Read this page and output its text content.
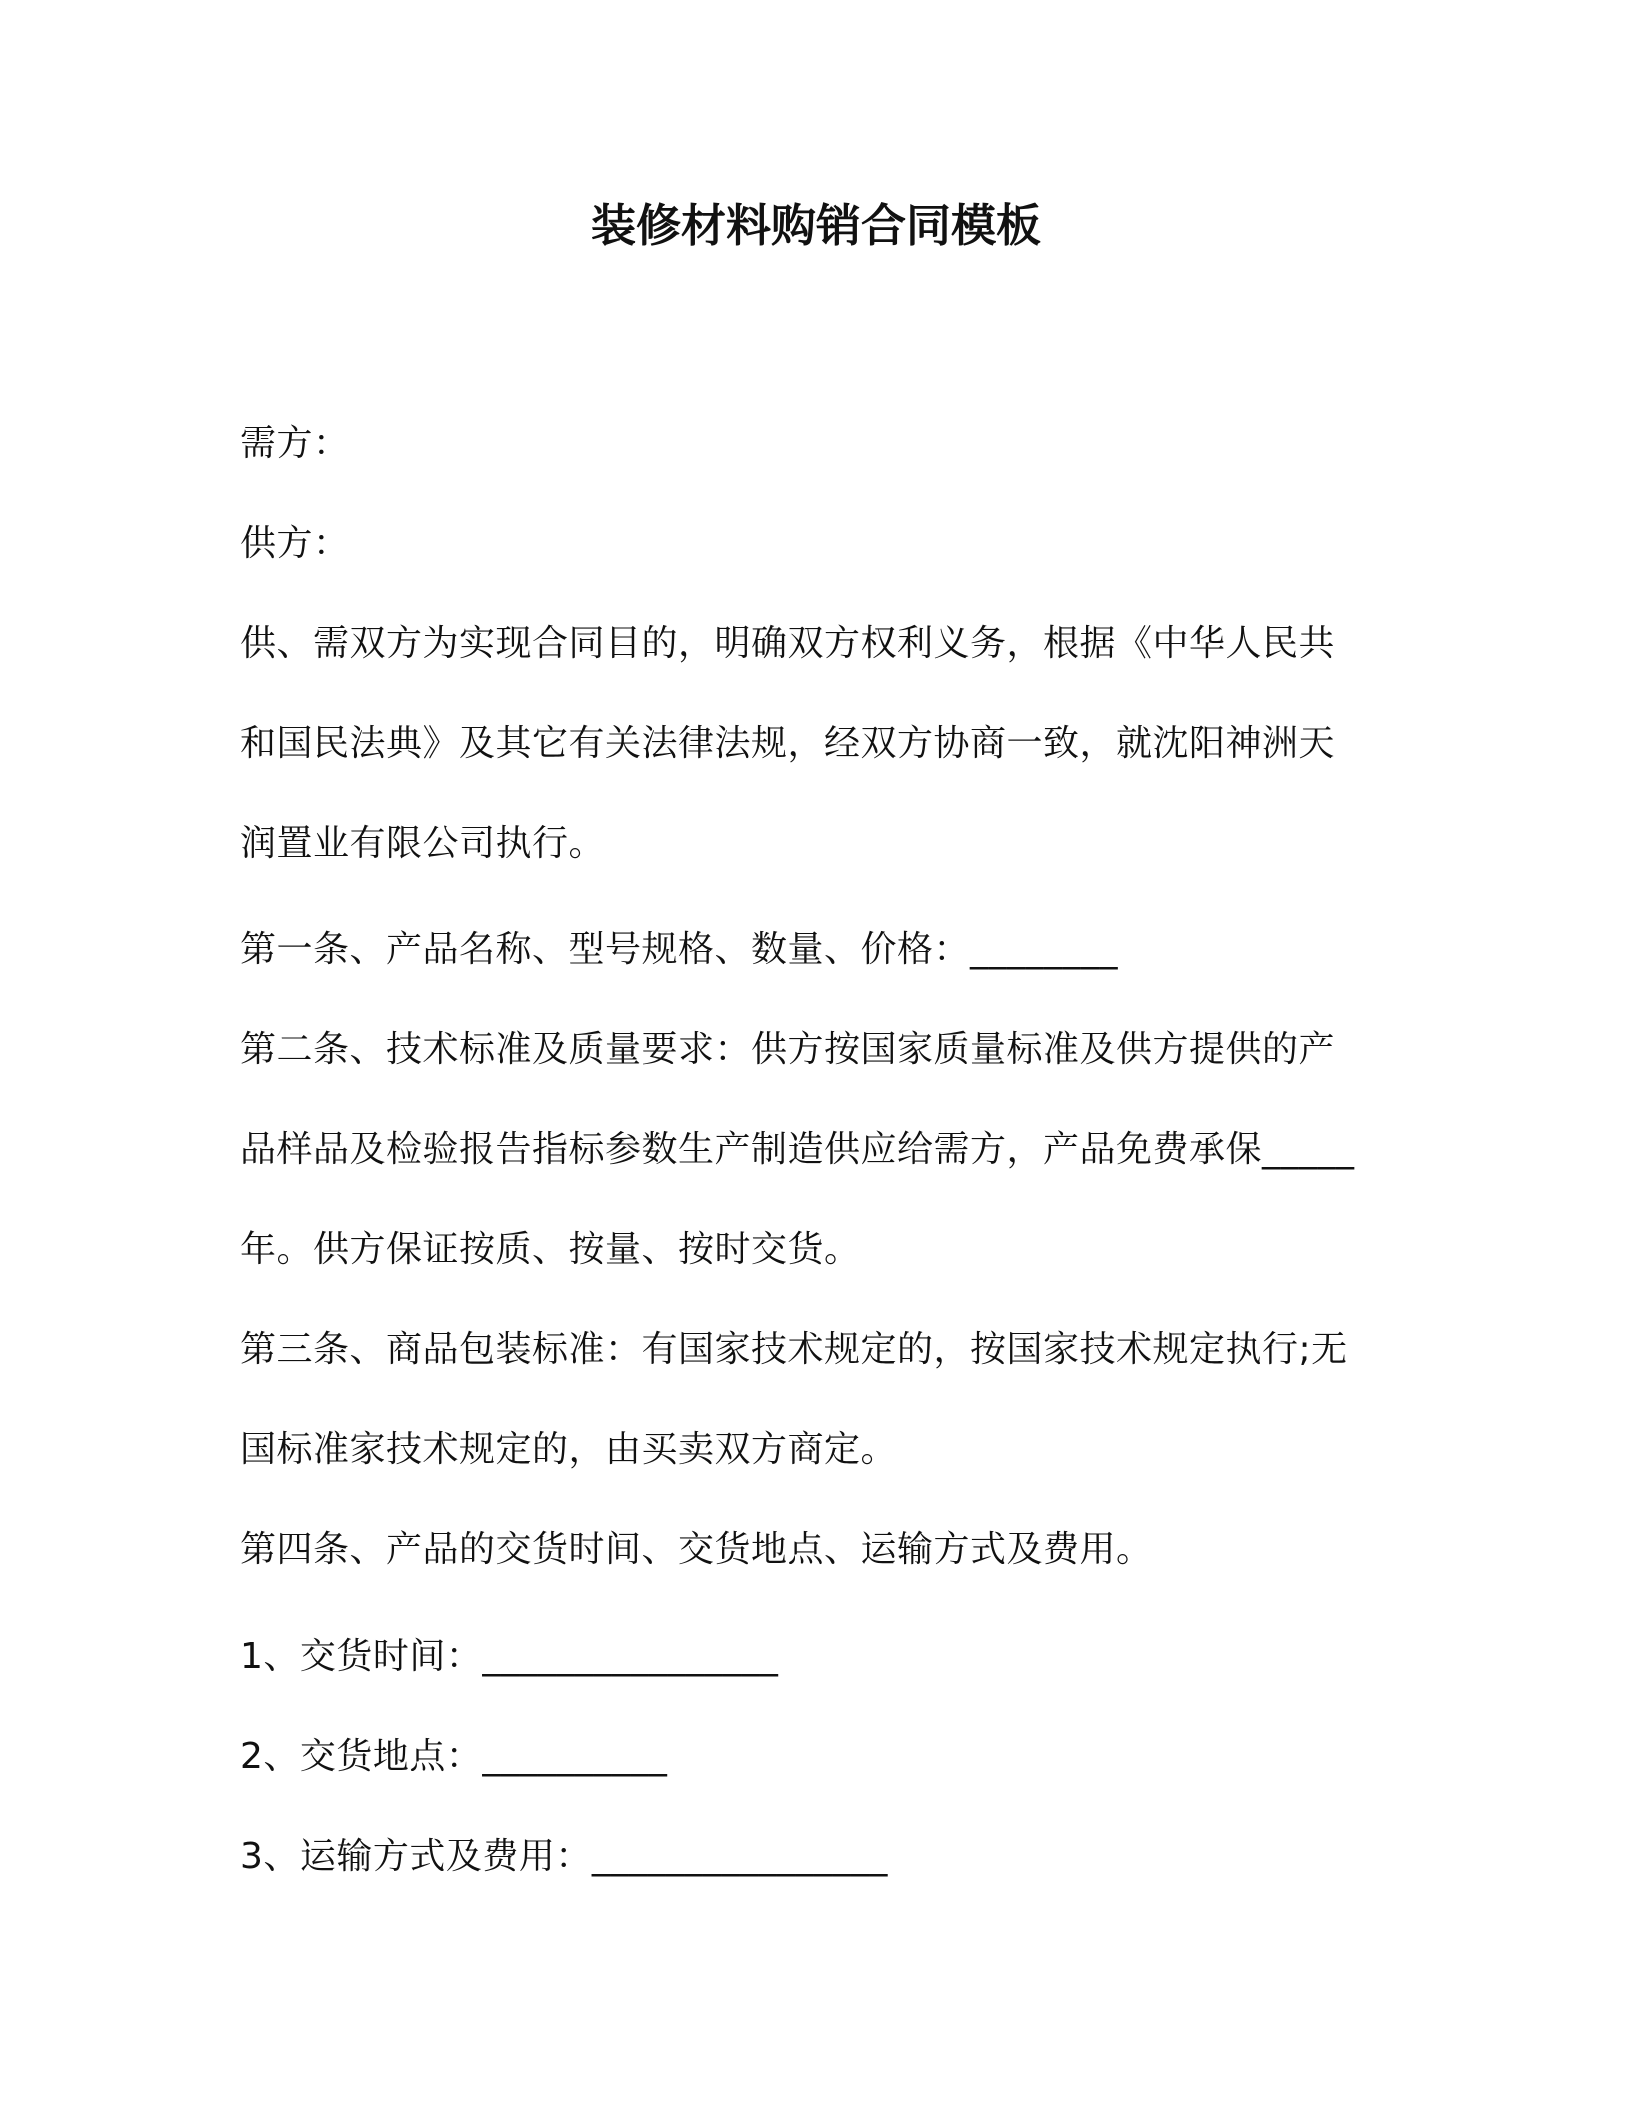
装修材料购销合同模板
需方：
供方：
供、需双方为实现合同目的，明确双方权利义务，根据《中华人民共
和国民法典》及其它有关法律法规，经双方协商一致，就沈阳神洲天
润置业有限公司执行。
第一条、产品名称、型号规格、数量、价格：________
第二条、技术标准及质量要求：供方按国家质量标准及供方提供的产
品样品及检验报告指标参数生产制造供应给需方，产品免费承保_____
年。供方保证按质、按量、按时交货。
第三条、商品包装标准：有国家技术规定的，按国家技术规定执行;无
国标准家技术规定的，由买卖双方商定。
第四条、产品的交货时间、交货地点、运输方式及费用。
1、交货时间：________________
2、交货地点：__________
3、运输方式及费用：________________
